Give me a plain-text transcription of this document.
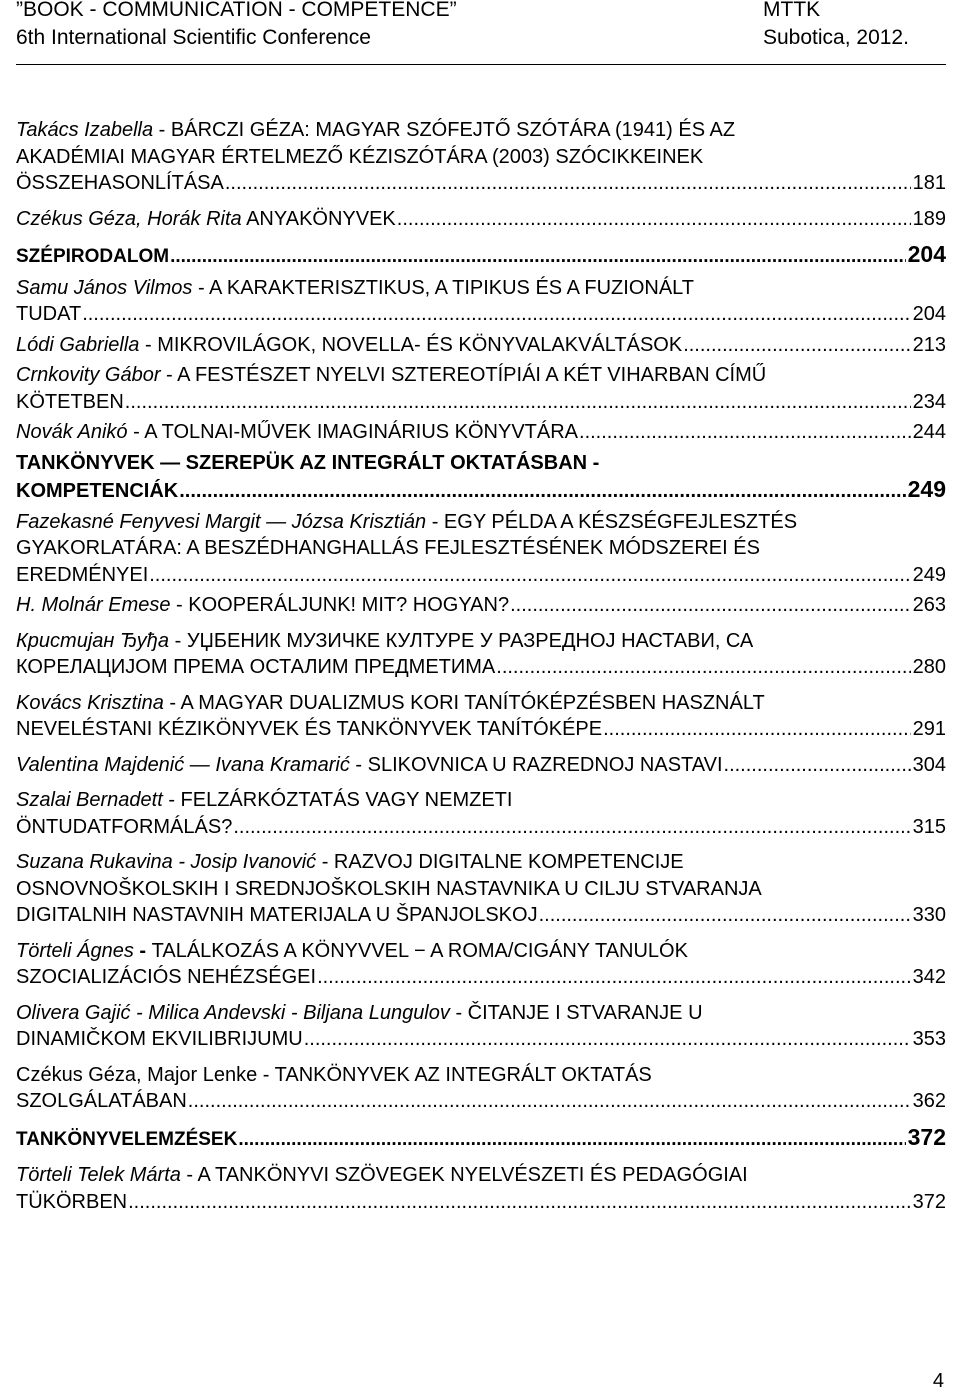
”BOOK - COMMUNICATION - COMPETENCE”
6th International Scientific Conference
MTTK
Subotica, 2012.
Takács Izabella - BÁRCZI GÉZA: MAGYAR SZÓFEJTŐ SZÓTÁRA (1941) ÉS AZ
AKADÉMIAI MAGYAR ÉRTELMEZŐ KÉZISZÓTÁRA (2003) SZÓCIKKEINEK
ÖSSZEHASONLÍTÁSA .....	181
Czékus Géza, Horák Rita ANYAKÖNYVEK .....	189
SZÉPIRODALOM .....	204
Samu János Vilmos - A KARAKTERISZTIKUS, A TIPIKUS ÉS A FUZIONÁLT
TUDAT .....	204
Lódi Gabriella - MIKROVILÁGOK, NOVELLA- ÉS KÖNYVALAKVÁLTÁSOK .....	213
Crnkovity Gábor - A FESTÉSZET NYELVI SZTEREOTÍPIÁI A KÉT VIHARBAN CÍMŰ
KÖTETBEN .....	234
Novák Anikó - A TOLNAI-MŰVEK IMAGINÁRIUS KÖNYVTÁRA .....	244
TANKÖNYVEK ― SZEREPÜK AZ INTEGRÁLT OKTATÁSBAN -
KOMPETENCIÁK .....	249
Fazekasné Fenyvesi Margit ― Józsa Krisztián - EGY PÉLDA A KÉSZSÉGFEJLESZTÉS
GYAKORLATÁRA: A BESZÉDHANGHALLÁS FEJLESZTÉSÉNEK MÓDSZEREI ÉS
EREDMÉNYEI .....	249
H. Molnár Emese - KOOPERÁLJUNK! MIT? HOGYAN? .....	263
Кристијан Ђуђа - УЏБЕНИК МУЗИЧКЕ КУЛТУРЕ У РАЗРЕДНОЈ НАСТАВИ, СА
КОРЕЛАЦИЈОМ ПРЕМА ОСТАЛИМ ПРЕДМЕТИМА .....	280
Kovács Krisztina - A MAGYAR DUALIZMUS KORI TANÍTÓKÉPZÉSBEN HASZNÁLT
NEVELÉSTANI KÉZIKÖNYVEK ÉS TANKÖNYVEK TANÍTÓKÉPE .....	291
Valentina Majdenić ― Ivana Kramarić - SLIKOVNICA U RAZREDNOJ NASTAVI .....	304
Szalai Bernadett - FELZÁRKÓZTATÁS VAGY NEMZETI
ÖNTUDATFORMÁLÁS? .....	315
Suzana Rukavina - Josip Ivanović - RAZVOJ DIGITALNE KOMPETENCIJE
OSNOVNOŠKOLSKIH I SREDNJOŠKOLSKIH NASTAVNIKA U CILJU STVARANJA
DIGITALNIH NASTAVNIH MATERIJALA U ŠPANJOLSKOJ .....	330
Törteli Ágnes - TALÁLKOZÁS A KÖNYVVEL − A ROMA/CIGÁNY TANULÓK
SZOCIALIZÁCIÓS NEHÉZSÉGEI .....	342
Olivera Gajić - Milica Andevski - Biljana Lungulov - ČITANJE I STVARANJE U
DINAMIČKOM EKVILIBRIJUMU .....	353
Czékus Géza, Major Lenke - TANKÖNYVEK AZ INTEGRÁLT OKTATÁS
SZOLGÁLATÁBAN .....	362
TANKÖNYVELEMZÉSEK .....	372
Törteli Telek Márta - A TANKÖNYVI SZÖVEGEK NYELVÉSZETI ÉS PEDAGÓGIAI
TÜKÖRBEN .....	372
4
